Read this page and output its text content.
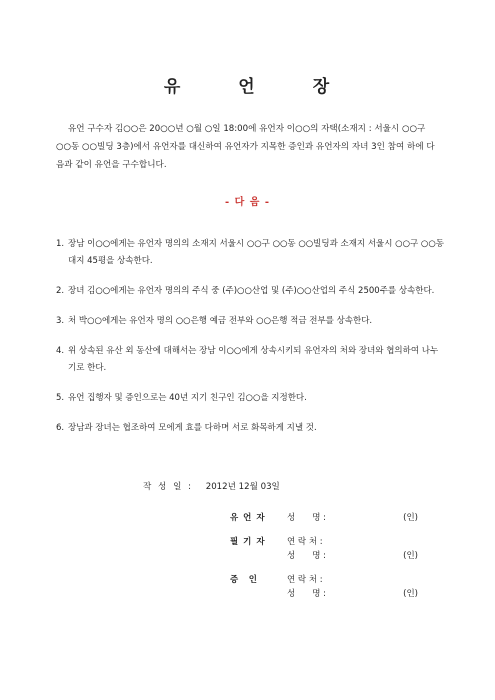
유	언	장
유언 구수자 김○○은 20○○년 ○월 ○일 18:00에 유언자 이○○의 자택(소재지 : 서울시 ○○구 ○○동 ○○빌딩 3층)에서 유언자를 대신하여 유언자가 지목한 증인과 유언자의 자녀 3인 참여 하에 다음과 같이 유언을 구수합니다.
- 다 음 -
1. 장남 이○○에게는 유언자 명의의 소재지 서울시 ○○구 ○○동 ○○빌딩과 소재지 서울시 ○○구 ○○동 대지 45평을 상속한다.
2. 장녀 김○○에게는 유언자 명의의 주식 중 (주)○○산업 및 (주)○○산업의 주식 2500주를 상속한다.
3. 처 박○○에게는 유언자 명의 ○○은행 예금 전부와 ○○은행 적금 전부를 상속한다.
4. 위 상속된 유산 외 동산에 대해서는 장남 이○○에게 상속시키되 유언자의 처와 장녀와 협의하여 나누기로 한다.
5. 유언 집행자 및 증인으로는 40년 지기 친구인 김○○을 지정한다.
6. 장남과 장녀는 협조하여 모에게 효를 다하며 서로 화목하게 지낼 것.
작 성 일 : 2012년 12월 03일
유 언 자	성　　명 :	(인)
필 기 자	연 락 처 :
성　　명 :	(인)
증　인	연 락 처 :
성　　명 :	(인)
